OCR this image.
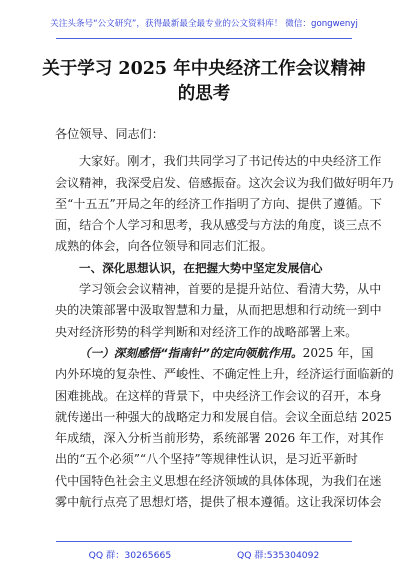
关注头条号“公文研究”，获得最新最全最专业的公文资料库！ 微信：gongwenyj
关于学习 2025 年中央经济工作会议精神
的思考
各位领导、同志们：
大家好。刚才，我们共同学习了书记传达的中央经济工作
会议精神，我深受启发、倍感振奋。这次会议为我们做好明年乃
至“十五五”开局之年的经济工作指明了方向、提供了遵循。下
面，结合个人学习和思考，我从感受与方法的角度，谈三点不
成熟的体会，向各位领导和同志们汇报。
一、深化思想认识，在把握大势中坚定发展信心
学习领会会议精神，首要的是提升站位、看清大势，从中
央的决策部署中汲取智慧和力量，从而把思想和行动统一到中
央对经济形势的科学判断和对经济工作的战略部署上来。
（一）深刻感悟“指南针”的定向领航作用。2025 年，国
内外环境的复杂性、严峻性、不确定性上升，经济运行面临新的
困难挑战。在这样的背景下，中央经济工作会议的召开，本身
就传递出一种强大的战略定力和发展自信。会议全面总结 2025
年成绩，深入分析当前形势，系统部署 2026 年工作，对其作
出的“五个必须”“八个坚持”等规律性认识，是习近平新时
代中国特色社会主义思想在经济领域的具体体现，为我们在迷
雾中航行点亮了思想灯塔，提供了根本遵循。这让我深切体会
QQ 群：30265665	QQ 群:535304092
